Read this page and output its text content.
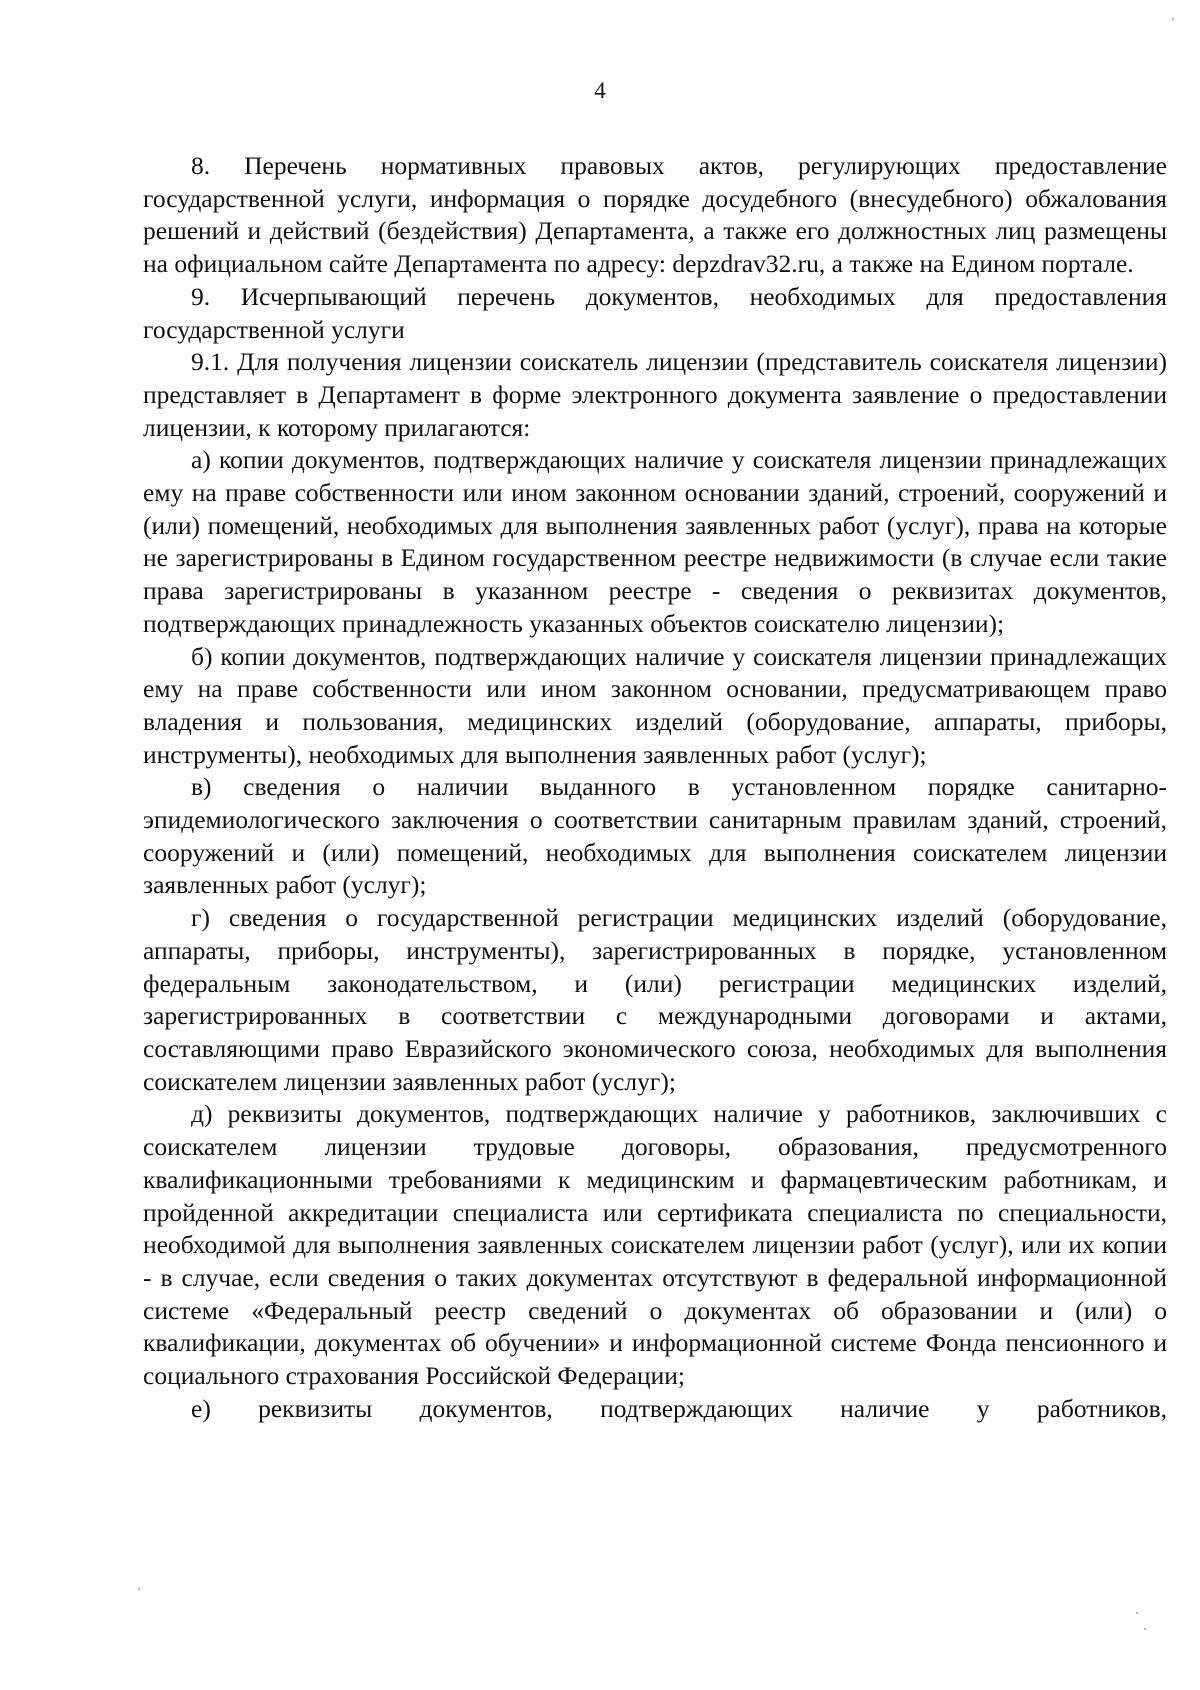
4

8. Перечень нормативных правовых актов, регулирующих предоставление государственной услуги, информация о порядке досудебного (внесудебного) обжалования решений и действий (бездействия) Департамента, а также его должностных лиц размещены на официальном сайте Департамента по адресу: depzdrav32.ru, а также на Едином портале.

9. Исчерпывающий перечень документов, необходимых для предоставления государственной услуги

9.1. Для получения лицензии соискатель лицензии (представитель соискателя лицензии) представляет в Департамент в форме электронного документа заявление о предоставлении лицензии, к которому прилагаются:

а) копии документов, подтверждающих наличие у соискателя лицензии принадлежащих ему на праве собственности или ином законном основании зданий, строений, сооружений и (или) помещений, необходимых для выполнения заявленных работ (услуг), права на которые не зарегистрированы в Едином государственном реестре недвижимости (в случае если такие права зарегистрированы в указанном реестре - сведения о реквизитах документов, подтверждающих принадлежность указанных объектов соискателю лицензии);

б) копии документов, подтверждающих наличие у соискателя лицензии принадлежащих ему на праве собственности или ином законном основании, предусматривающем право владения и пользования, медицинских изделий (оборудование, аппараты, приборы, инструменты), необходимых для выполнения заявленных работ (услуг);

в) сведения о наличии выданного в установленном порядке санитарно-эпидемиологического заключения о соответствии санитарным правилам зданий, строений, сооружений и (или) помещений, необходимых для выполнения соискателем лицензии заявленных работ (услуг);

г) сведения о государственной регистрации медицинских изделий (оборудование, аппараты, приборы, инструменты), зарегистрированных в порядке, установленном федеральным законодательством, и (или) регистрации медицинских изделий, зарегистрированных в соответствии с международными договорами и актами, составляющими право Евразийского экономического союза, необходимых для выполнения соискателем лицензии заявленных работ (услуг);

д) реквизиты документов, подтверждающих наличие у работников, заключивших с соискателем лицензии трудовые договоры, образования, предусмотренного квалификационными требованиями к медицинским и фармацевтическим работникам, и пройденной аккредитации специалиста или сертификата специалиста по специальности, необходимой для выполнения заявленных соискателем лицензии работ (услуг), или их копии - в случае, если сведения о таких документах отсутствуют в федеральной информационной системе «Федеральный реестр сведений о документах об образовании и (или) о квалификации, документах об обучении» и информационной системе Фонда пенсионного и социального страхования Российской Федерации;

е) реквизиты документов, подтверждающих наличие у работников,
